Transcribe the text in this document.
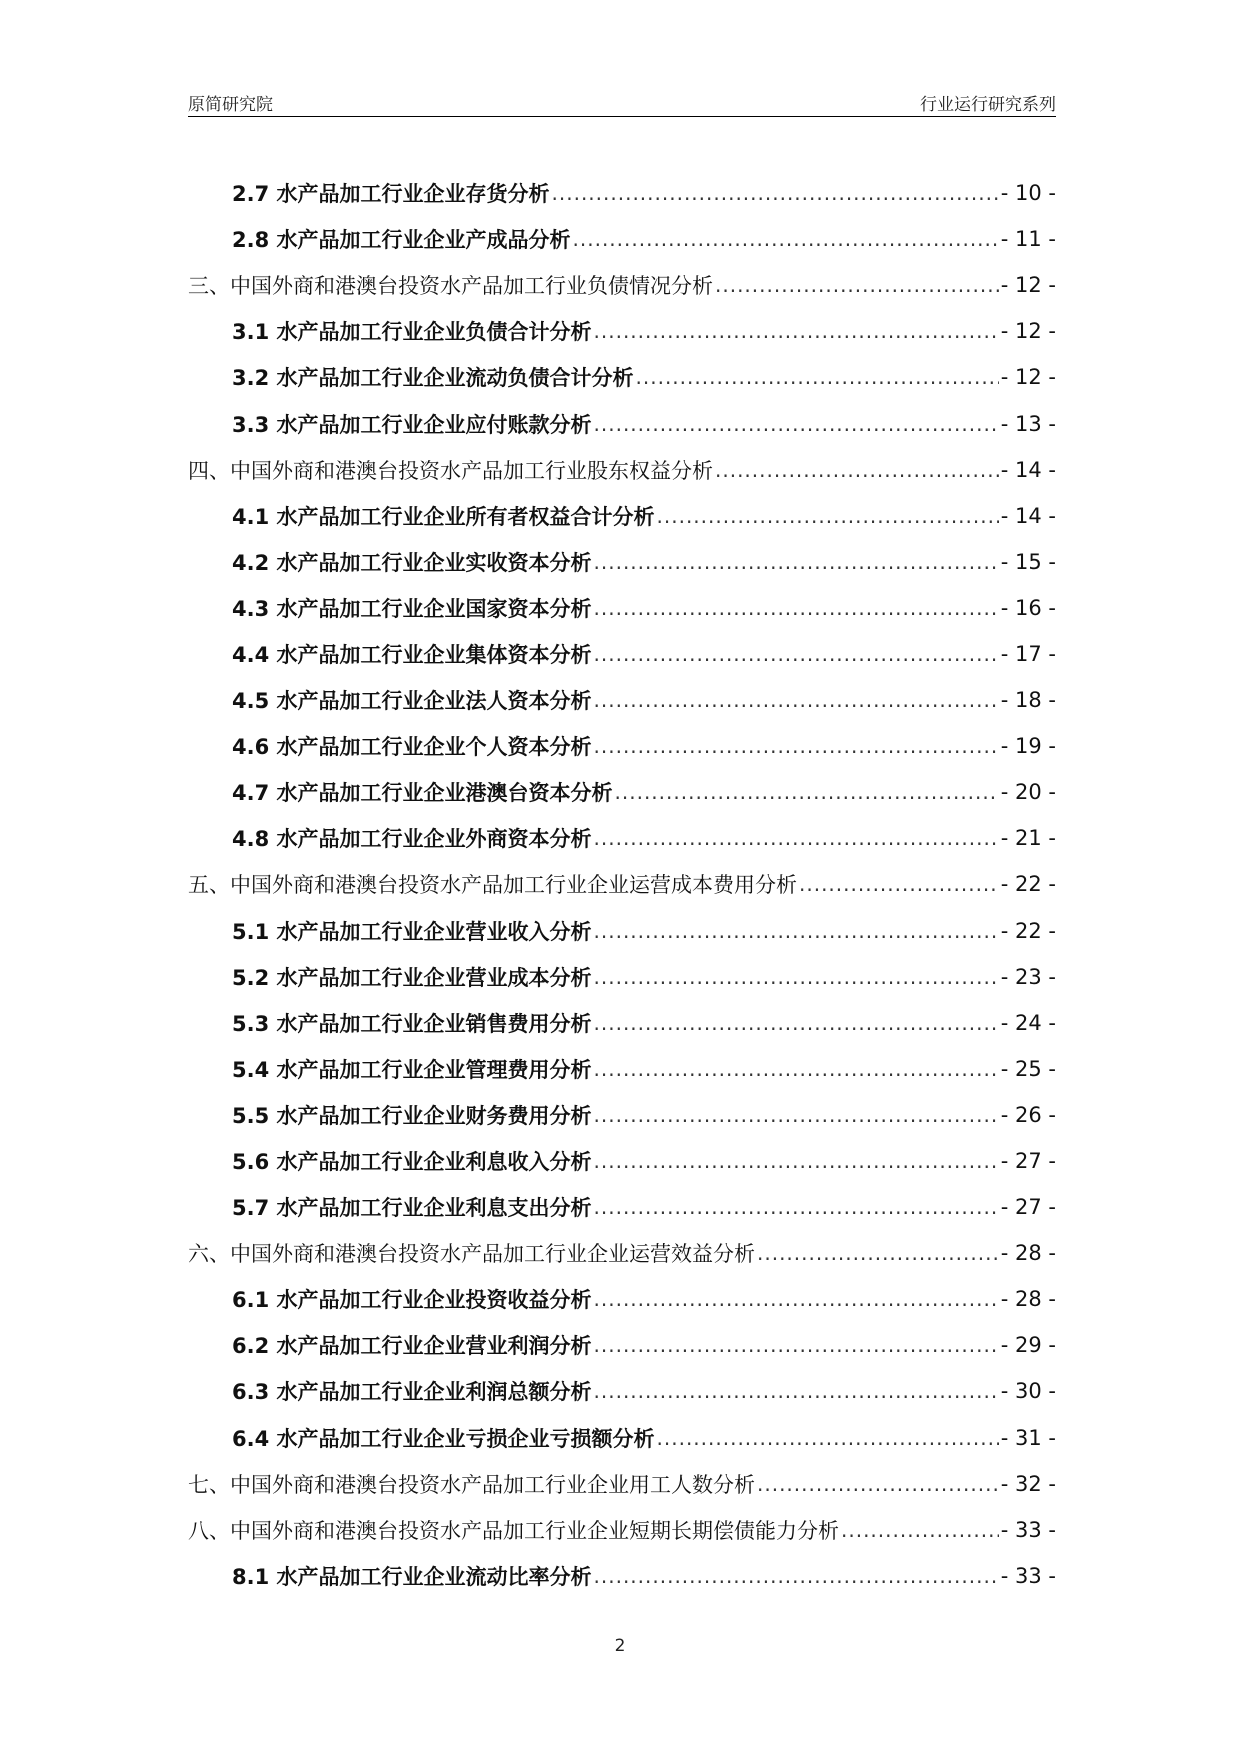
原简研究院	行业运行研究系列
2.7 水产品加工行业企业存货分析 .....	- 10 -
2.8 水产品加工行业企业产成品分析 .....	- 11 -
三、中国外商和港澳台投资水产品加工行业负债情况分析 .....	- 12 -
3.1 水产品加工行业企业负债合计分析 .....	- 12 -
3.2 水产品加工行业企业流动负债合计分析 .....	- 12 -
3.3 水产品加工行业企业应付账款分析 .....	- 13 -
四、中国外商和港澳台投资水产品加工行业股东权益分析 .....	- 14 -
4.1 水产品加工行业企业所有者权益合计分析 .....	- 14 -
4.2 水产品加工行业企业实收资本分析 .....	- 15 -
4.3 水产品加工行业企业国家资本分析 .....	- 16 -
4.4 水产品加工行业企业集体资本分析 .....	- 17 -
4.5 水产品加工行业企业法人资本分析 .....	- 18 -
4.6 水产品加工行业企业个人资本分析 .....	- 19 -
4.7 水产品加工行业企业港澳台资本分析 .....	- 20 -
4.8 水产品加工行业企业外商资本分析 .....	- 21 -
五、中国外商和港澳台投资水产品加工行业企业运营成本费用分析 .....	- 22 -
5.1 水产品加工行业企业营业收入分析 .....	- 22 -
5.2 水产品加工行业企业营业成本分析 .....	- 23 -
5.3 水产品加工行业企业销售费用分析 .....	- 24 -
5.4 水产品加工行业企业管理费用分析 .....	- 25 -
5.5 水产品加工行业企业财务费用分析 .....	- 26 -
5.6 水产品加工行业企业利息收入分析 .....	- 27 -
5.7 水产品加工行业企业利息支出分析 .....	- 27 -
六、中国外商和港澳台投资水产品加工行业企业运营效益分析 .....	- 28 -
6.1 水产品加工行业企业投资收益分析 .....	- 28 -
6.2 水产品加工行业企业营业利润分析 .....	- 29 -
6.3 水产品加工行业企业利润总额分析 .....	- 30 -
6.4 水产品加工行业企业亏损企业亏损额分析 .....	- 31 -
七、中国外商和港澳台投资水产品加工行业企业用工人数分析 .....	- 32 -
八、中国外商和港澳台投资水产品加工行业企业短期长期偿债能力分析 .....	- 33 -
8.1 水产品加工行业企业流动比率分析 .....	- 33 -
2
